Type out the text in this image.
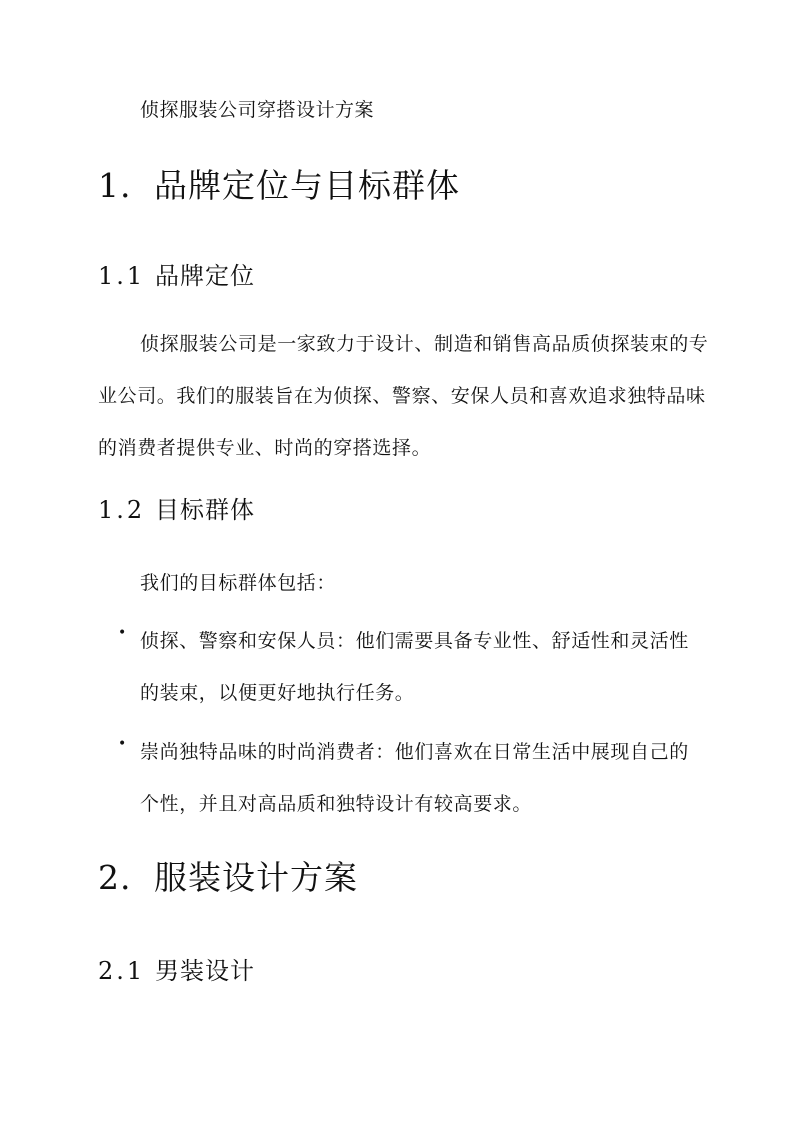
侦探服装公司穿搭设计方案
1. 品牌定位与目标群体
1.1 品牌定位
侦探服装公司是一家致力于设计、制造和销售高品质侦探装束的专业公司。我们的服装旨在为侦探、警察、安保人员和喜欢追求独特品味的消费者提供专业、时尚的穿搭选择。
1.2 目标群体
我们的目标群体包括：
• 侦探、警察和安保人员：他们需要具备专业性、舒适性和灵活性的装束，以便更好地执行任务。
• 崇尚独特品味的时尚消费者：他们喜欢在日常生活中展现自己的个性，并且对高品质和独特设计有较高要求。
2. 服装设计方案
2.1 男装设计
